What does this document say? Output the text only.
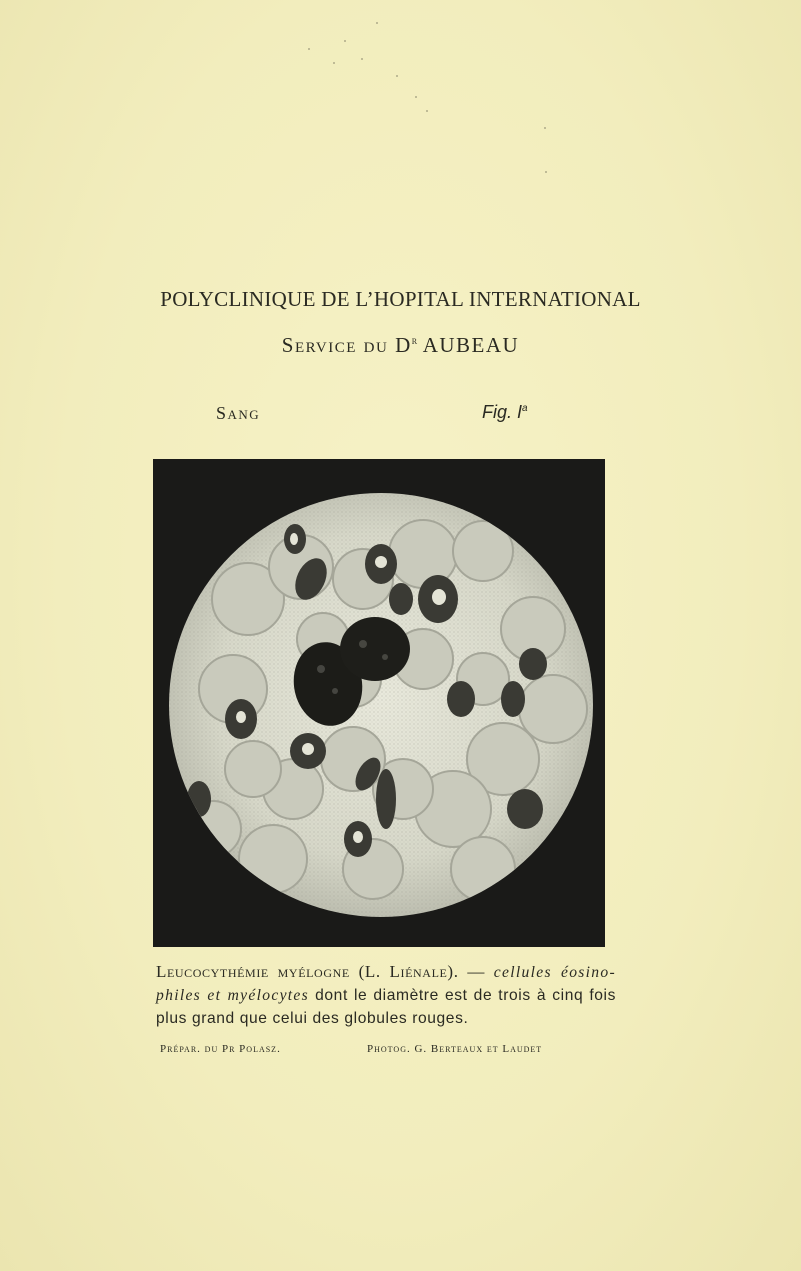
POLYCLINIQUE DE L’HOPITAL INTERNATIONAL
Service du $D^r$ AUBEAU
Sang	Fig. $I^a$
Leucocythémie myélogne (L. Liénale). — cellules éosino-philes et myélocytes dont le diamètre est de trois à cinq fois plus grand que celui des globules rouges.
Prépar. du Pr Polasz.	Photog. G. Berteaux et Laudet
